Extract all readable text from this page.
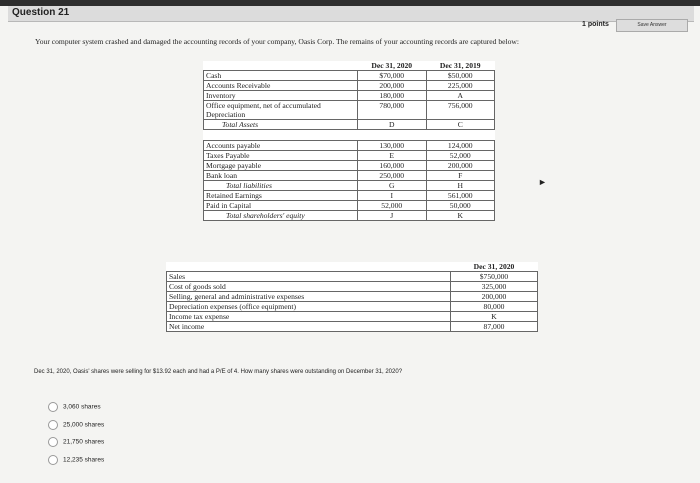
Question 21
1 points	Save Answer
Your computer system crashed and damaged the accounting records of your company, Oasis Corp. The remains of your accounting records are captured below:
	Dec 31, 2020	Dec 31, 2019
Cash	$70,000	$50,000
Accounts Receivable	200,000	225,000
Inventory	180,000	A
Office equipment, net of accumulated Depreciation	780,000	756,000
Total Assets	D	C

Accounts payable	130,000	124,000
Taxes Payable	E	52,000
Mortgage payable	160,000	200,000
Bank loan	250,000	F
Total liabilities	G	H
Retained Earnings	I	561,000
Paid in Capital	52,000	50,000
Total shareholders' equity	J	K
►
	Dec 31, 2020
Sales	$750,000
Cost of goods sold	325,000
Selling, general and administrative expenses	200,000
Depreciation expenses (office equipment)	80,000
Income tax expense	K
Net income	87,000
Dec 31, 2020, Oasis' shares were selling for $13.92 each and had a P/E of 4. How many shares were outstanding on December 31, 2020?
3,060 shares
25,000 shares
21,750 shares
12,235 shares
